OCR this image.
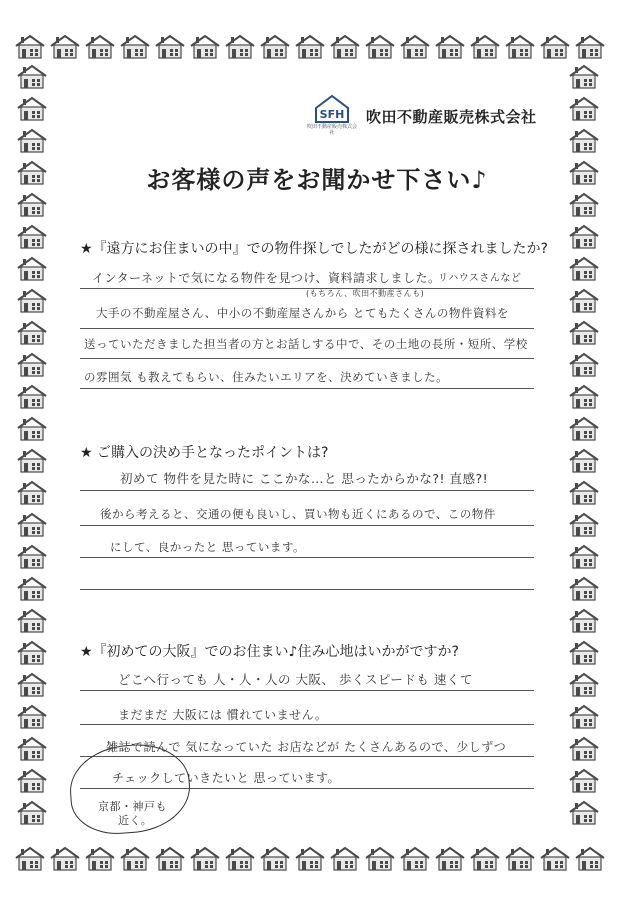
SFH
吹田不動産販売株式会社
吹田不動産販売株式会社
お客様の声をお聞かせ下さい♪
★『遠方にお住まいの中』での物件探しでしたがどの様に探されましたか?
インターネットで気になる物件を見つけ、資料請求しました。
リハウスさんなど
(もちろん、吹田不動産さんも)
大手の不動産屋さん、中小の不動産屋さんから とてもたくさんの物件資料を
送っていただきました担当者の方とお話しする中で、その土地の長所・短所、学校
の雰囲気 も教えてもらい、住みたいエリアを、決めていきました。
★ ご購入の決め手となったポイントは?
初めて 物件を見た時に ここかな…と 思ったからかな?! 直感?!
後から考えると、交通の便も良いし、買い物も近くにあるので、この物件
にして、良かったと 思っています。
★『初めての大阪』でのお住まい♪住み心地はいかがですか?
どこへ行っても 人・人・人の 大阪、 歩くスピードも 速くて
まだまだ 大阪には 慣れていません。
雑誌で読んで 気になっていた お店などが たくさんあるので、少しずつ
チェックしていきたいと 思っています。
京都・神戸も
近く。
